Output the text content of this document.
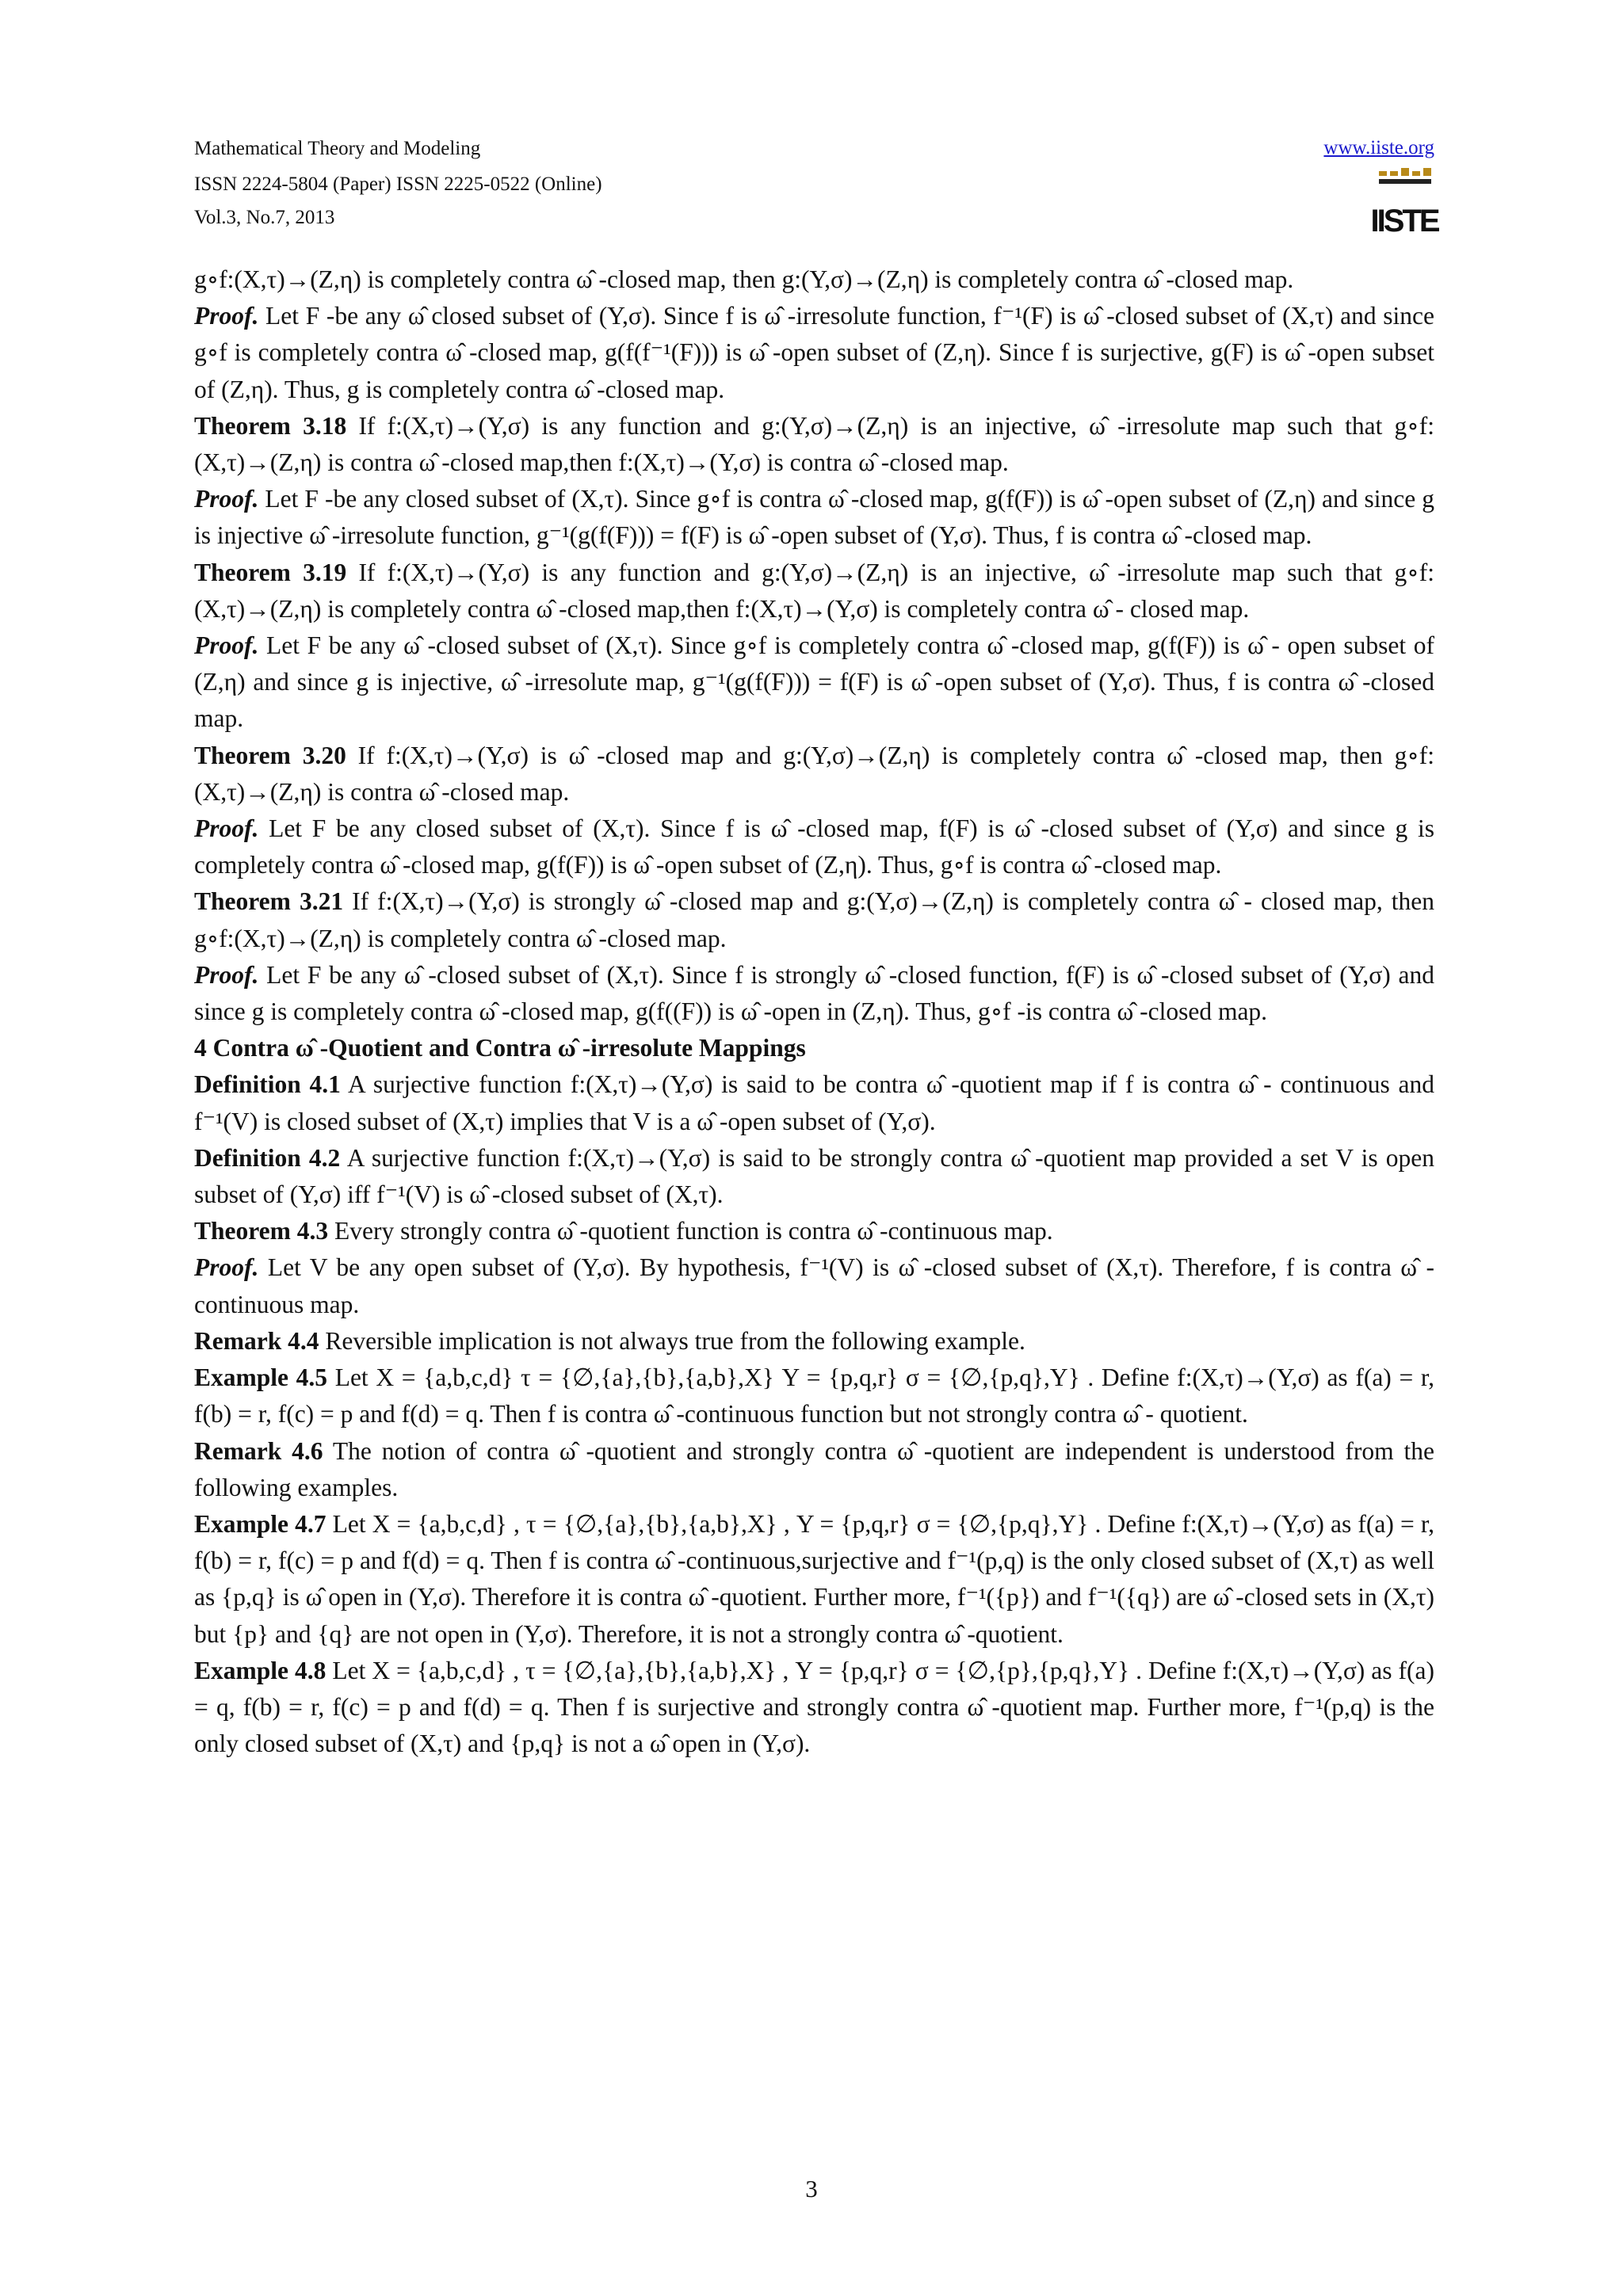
Mathematical Theory and Modeling
ISSN 2224-5804 (Paper) ISSN 2225-0522 (Online)
Vol.3, No.7, 2013
www.iiste.org
IISTE

g∘f:(X,τ)→(Z,η) is completely contra ω̂ -closed map, then g:(Y,σ)→(Z,η) is completely contra ω̂ -closed map.

Proof. Let F -be any ω̂ closed subset of (Y,σ). Since f is ω̂ -irresolute function, f⁻¹(F) is ω̂ -closed subset of (X,τ) and since g∘f is completely contra ω̂ -closed map, g(f(f⁻¹(F))) is ω̂ -open subset of (Z,η). Since f is surjective, g(F) is ω̂ -open subset of (Z,η). Thus, g is completely contra ω̂ -closed map.

Theorem 3.18 If f:(X,τ)→(Y,σ) is any function and g:(Y,σ)→(Z,η) is an injective, ω̂ -irresolute map such that g∘f:(X,τ)→(Z,η) is contra ω̂ -closed map,then f:(X,τ)→(Y,σ) is contra ω̂ -closed map.

Proof. Let F -be any closed subset of (X,τ). Since g∘f is contra ω̂ -closed map, g(f(F)) is ω̂ -open subset of (Z,η) and since g is injective ω̂ -irresolute function, g⁻¹(g(f(F))) = f(F) is ω̂ -open subset of (Y,σ). Thus, f is contra ω̂ -closed map.

Theorem 3.19 If f:(X,τ)→(Y,σ) is any function and g:(Y,σ)→(Z,η) is an injective, ω̂ -irresolute map such that g∘f:(X,τ)→(Z,η) is completely contra ω̂ -closed map,then f:(X,τ)→(Y,σ) is completely contra ω̂ - closed map.

Proof. Let F be any ω̂ -closed subset of (X,τ). Since g∘f is completely contra ω̂ -closed map, g(f(F)) is ω̂ - open subset of (Z,η) and since g is injective, ω̂ -irresolute map, g⁻¹(g(f(F))) = f(F) is ω̂ -open subset of (Y,σ). Thus, f is contra ω̂ -closed map.

Theorem 3.20 If f:(X,τ)→(Y,σ) is ω̂ -closed map and g:(Y,σ)→(Z,η) is completely contra ω̂ -closed map, then g∘f:(X,τ)→(Z,η) is contra ω̂ -closed map.

Proof. Let F be any closed subset of (X,τ). Since f is ω̂ -closed map, f(F) is ω̂ -closed subset of (Y,σ) and since g is completely contra ω̂ -closed map, g(f(F)) is ω̂ -open subset of (Z,η). Thus, g∘f is contra ω̂ -closed map.

Theorem 3.21 If f:(X,τ)→(Y,σ) is strongly ω̂ -closed map and g:(Y,σ)→(Z,η) is completely contra ω̂ - closed map, then g∘f:(X,τ)→(Z,η) is completely contra ω̂ -closed map.

Proof. Let F be any ω̂ -closed subset of (X,τ). Since f is strongly ω̂ -closed function, f(F) is ω̂ -closed subset of (Y,σ) and since g is completely contra ω̂ -closed map, g(f((F)) is ω̂ -open in (Z,η). Thus, g∘f -is contra ω̂ -closed map.

4 Contra ω̂ -Quotient and Contra ω̂ -irresolute Mappings

Definition 4.1 A surjective function f:(X,τ)→(Y,σ) is said to be contra ω̂ -quotient map if f is contra ω̂ - continuous and f⁻¹(V) is closed subset of (X,τ) implies that V is a ω̂ -open subset of (Y,σ).

Definition 4.2 A surjective function f:(X,τ)→(Y,σ) is said to be strongly contra ω̂ -quotient map provided a set V is open subset of (Y,σ) iff f⁻¹(V) is ω̂ -closed subset of (X,τ).

Theorem 4.3 Every strongly contra ω̂ -quotient function is contra ω̂ -continuous map.

Proof. Let V be any open subset of (Y,σ). By hypothesis, f⁻¹(V) is ω̂ -closed subset of (X,τ). Therefore, f is contra ω̂ -continuous map.

Remark 4.4 Reversible implication is not always true from the following example.

Example 4.5 Let X = {a,b,c,d} τ = {∅,{a},{b},{a,b},X} Y = {p,q,r} σ = {∅,{p,q},Y} . Define f:(X,τ)→(Y,σ) as f(a) = r, f(b) = r, f(c) = p and f(d) = q. Then f is contra ω̂ -continuous function but not strongly contra ω̂ - quotient.

Remark 4.6 The notion of contra ω̂ -quotient and strongly contra ω̂ -quotient are independent is understood from the following examples.

Example 4.7 Let X = {a,b,c,d} , τ = {∅,{a},{b},{a,b},X} , Y = {p,q,r} σ = {∅,{p,q},Y} . Define f:(X,τ)→(Y,σ) as f(a) = r, f(b) = r, f(c) = p and f(d) = q. Then f is contra ω̂ -continuous,surjective and f⁻¹(p,q) is the only closed subset of (X,τ) as well as {p,q} is ω̂ open in (Y,σ). Therefore it is contra ω̂ -quotient. Further more, f⁻¹({p}) and f⁻¹({q}) are ω̂ -closed sets in (X,τ) but {p} and {q} are not open in (Y,σ). Therefore, it is not a strongly contra ω̂ -quotient.

Example 4.8 Let X = {a,b,c,d} , τ = {∅,{a},{b},{a,b},X} , Y = {p,q,r} σ = {∅,{p},{p,q},Y} . Define f:(X,τ)→(Y,σ) as f(a) = q, f(b) = r, f(c) = p and f(d) = q. Then f is surjective and strongly contra ω̂ -quotient map. Further more, f⁻¹(p,q) is the only closed subset of (X,τ) and {p,q} is not a ω̂ open in (Y,σ).

3
